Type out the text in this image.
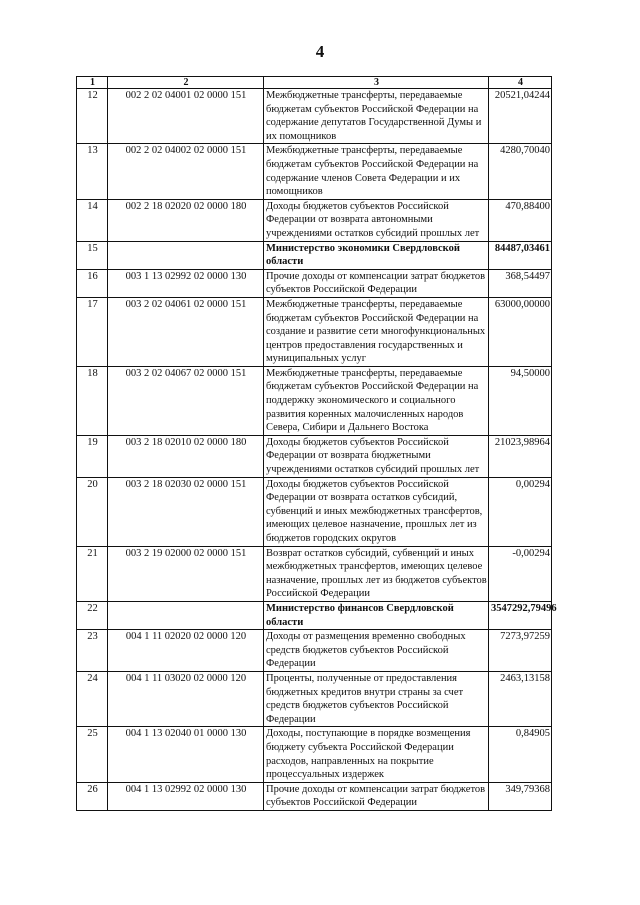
4
1	2	3	4
12	002 2 02 04001 02 0000 151	Межбюджетные трансферты, передаваемые бюджетам субъектов Российской Федерации на содержание депутатов Государственной Думы и их помощников	20521,04244
13	002 2 02 04002 02 0000 151	Межбюджетные трансферты, передаваемые бюджетам субъектов Российской Федерации на содержание членов Совета Федерации и их помощников	4280,70040
14	002 2 18 02020 02 0000 180	Доходы бюджетов субъектов Российской Федерации от возврата автономными учреждениями остатков субсидий прошлых лет	470,88400
15		Министерство экономики Свердловской области	84487,03461
16	003 1 13 02992 02 0000 130	Прочие доходы от компенсации затрат бюджетов субъектов Российской Федерации	368,54497
17	003 2 02 04061 02 0000 151	Межбюджетные трансферты, передаваемые бюджетам субъектов Российской Федерации на создание и развитие сети многофункциональных центров предоставления государственных и муниципальных услуг	63000,00000
18	003 2 02 04067 02 0000 151	Межбюджетные трансферты, передаваемые бюджетам субъектов Российской Федерации на поддержку экономического и социального развития коренных малочисленных народов Севера, Сибири и Дальнего Востока	94,50000
19	003 2 18 02010 02 0000 180	Доходы бюджетов субъектов Российской Федерации от возврата бюджетными учреждениями остатков субсидий прошлых лет	21023,98964
20	003 2 18 02030 02 0000 151	Доходы бюджетов субъектов Российской Федерации от возврата остатков субсидий, субвенций и иных межбюджетных трансфертов, имеющих целевое назначение, прошлых лет из бюджетов городских округов	0,00294
21	003 2 19 02000 02 0000 151	Возврат остатков субсидий, субвенций и иных межбюджетных трансфертов, имеющих целевое назначение, прошлых лет из бюджетов субъектов Российской Федерации	-0,00294
22		Министерство финансов Свердловской области	3547292,79496
23	004 1 11 02020 02 0000 120	Доходы от размещения временно свободных средств бюджетов субъектов Российской Федерации	7273,97259
24	004 1 11 03020 02 0000 120	Проценты, полученные от предоставления бюджетных кредитов внутри страны за счет средств бюджетов субъектов Российской Федерации	2463,13158
25	004 1 13 02040 01 0000 130	Доходы, поступающие в порядке возмещения бюджету субъекта Российской Федерации расходов, направленных на покрытие процессуальных издержек	0,84905
26	004 1 13 02992 02 0000 130	Прочие доходы от компенсации затрат бюджетов субъектов Российской Федерации	349,79368
